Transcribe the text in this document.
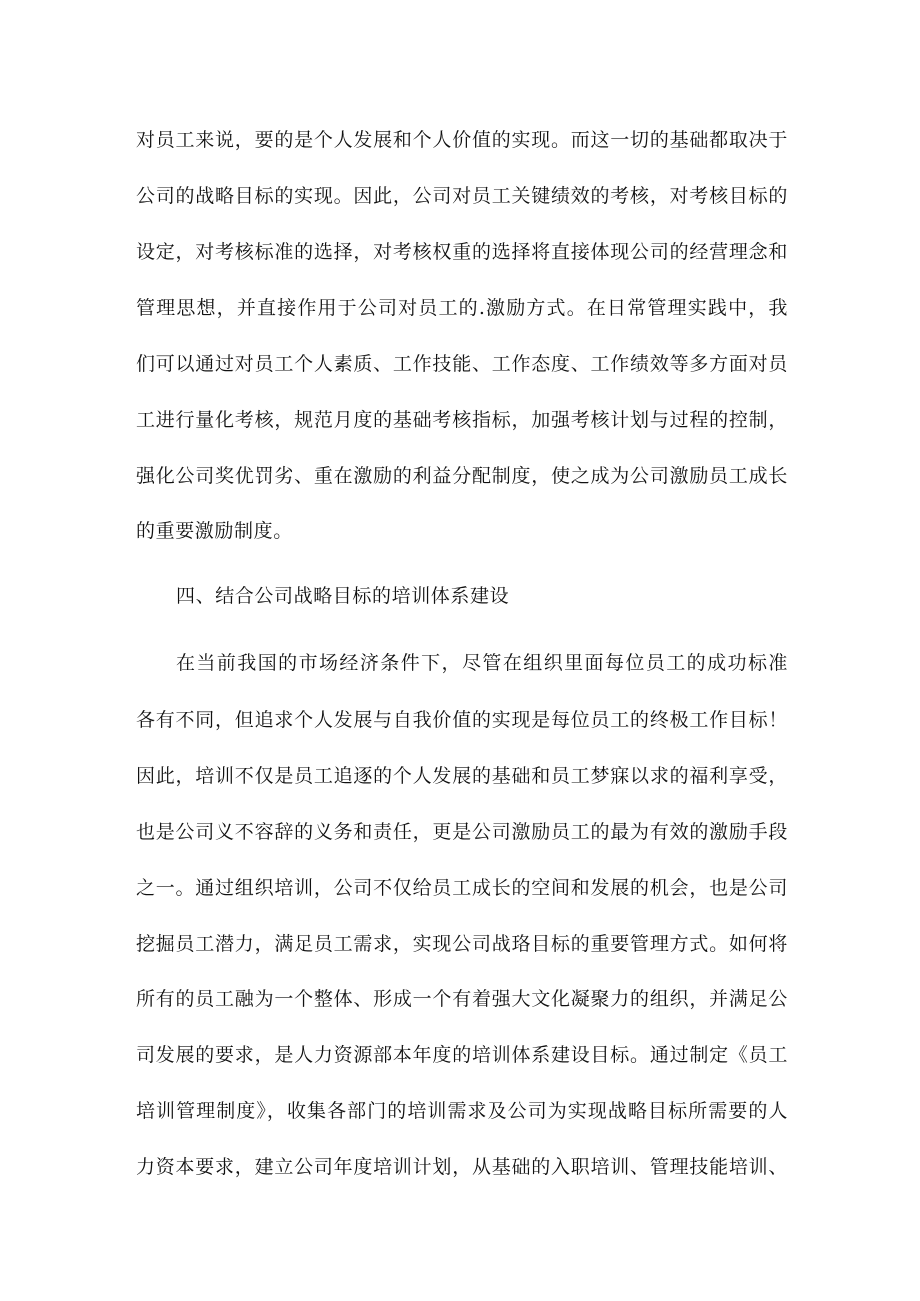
对员工来说，要的是个人发展和个人价值的实现。而这一切的基础都取决于
公司的战略目标的实现。因此，公司对员工关键绩效的考核，对考核目标的
设定，对考核标准的选择，对考核权重的选择将直接体现公司的经营理念和
管理思想，并直接作用于公司对员工的.激励方式。在日常管理实践中，我
们可以通过对员工个人素质、工作技能、工作态度、工作绩效等多方面对员
工进行量化考核，规范月度的基础考核指标，加强考核计划与过程的控制，
强化公司奖优罚劣、重在激励的利益分配制度，使之成为公司激励员工成长
的重要激励制度。
四、结合公司战略目标的培训体系建设
在当前我国的市场经济条件下，尽管在组织里面每位员工的成功标准
各有不同，但追求个人发展与自我价值的实现是每位员工的终极工作目标！
因此，培训不仅是员工追逐的个人发展的基础和员工梦寐以求的福利享受，
也是公司义不容辞的义务和责任，更是公司激励员工的最为有效的激励手段
之一。通过组织培训，公司不仅给员工成长的空间和发展的机会，也是公司
挖掘员工潜力，满足员工需求，实现公司战珞目标的重要管理方式。如何将
所有的员工融为一个整体、形成一个有着强大文化凝聚力的组织，并满足公
司发展的要求，是人力资源部本年度的培训体系建设目标。通过制定《员工
培训管理制度》，收集各部门的培训需求及公司为实现战略目标所需要的人
力资本要求，建立公司年度培训计划，从基础的入职培训、管理技能培训、
